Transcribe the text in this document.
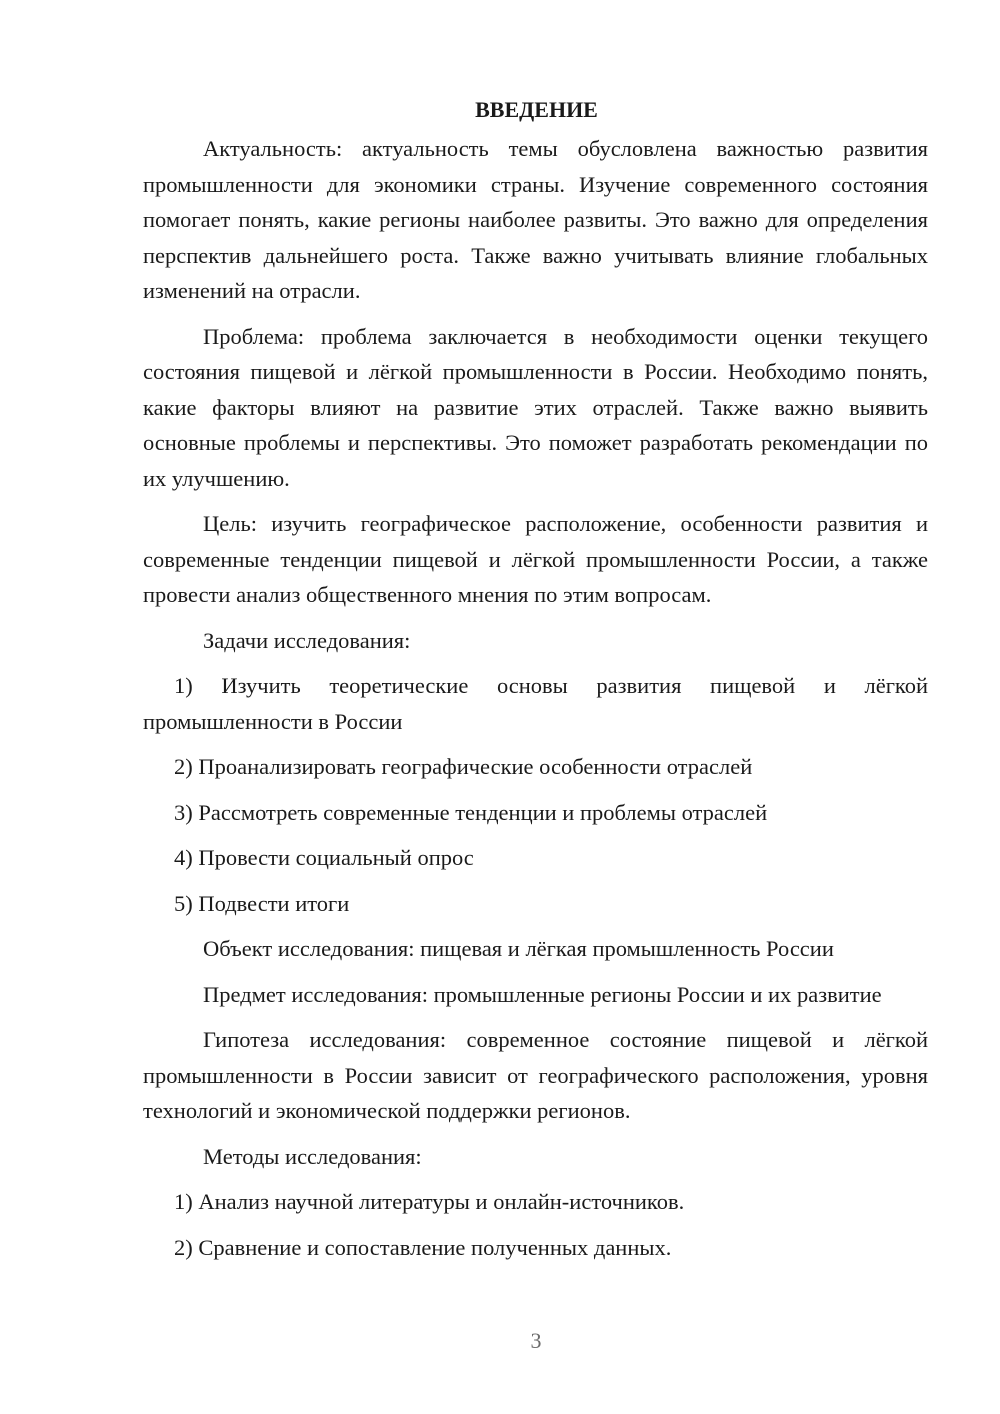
ВВЕДЕНИЕ

Актуальность: актуальность темы обусловлена важностью развития промышленности для экономики страны. Изучение современного состояния помогает понять, какие регионы наиболее развиты. Это важно для определения перспектив дальнейшего роста. Также важно учитывать влияние глобальных изменений на отрасли.

Проблема: проблема заключается в необходимости оценки текущего состояния пищевой и лёгкой промышленности в России. Необходимо понять, какие факторы влияют на развитие этих отраслей. Также важно выявить основные проблемы и перспективы. Это поможет разработать рекомендации по их улучшению.

Цель: изучить географическое расположение, особенности развития и современные тенденции пищевой и лёгкой промышленности России, а также провести анализ общественного мнения по этим вопросам.

Задачи исследования:

1) Изучить теоретические основы развития пищевой и лёгкой промышленности в России

2) Проанализировать географические особенности отраслей

3) Рассмотреть современные тенденции и проблемы отраслей

4) Провести социальный опрос

5) Подвести итоги

Объект исследования: пищевая и лёгкая промышленность России

Предмет исследования: промышленные регионы России и их развитие

Гипотеза исследования: современное состояние пищевой и лёгкой промышленности в России зависит от географического расположения, уровня технологий и экономической поддержки регионов.

Методы исследования:

1) Анализ научной литературы и онлайн-источников.

2) Сравнение и сопоставление полученных данных.

3
